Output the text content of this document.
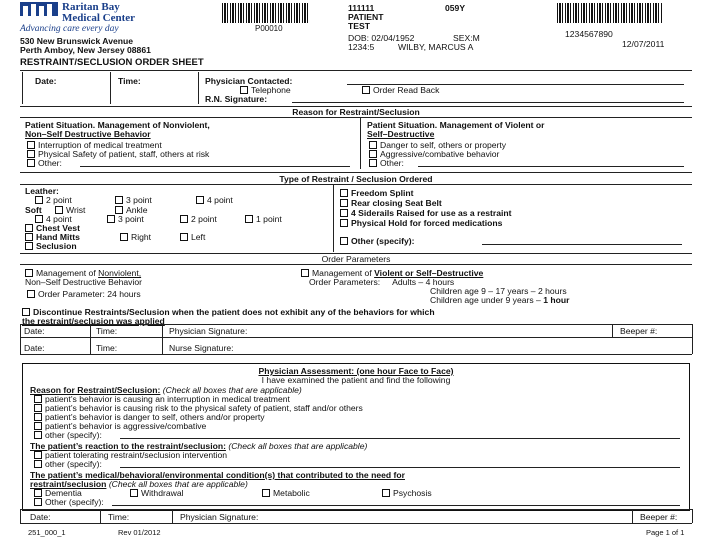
Raritan Bay
Medical Center
Advancing care every day
530 New Brunswick Avenue
Perth Amboy, New Jersey 08861
P00010
111111	059Y
PATIENT
TEST
DOB: 02/04/1952	SEX:M	1234567890
1234:5	WILBY, MARCUS A	12/07/2011
RESTRAINT/SECLUSION ORDER SHEET
Date:	Time:	Physician Contacted:
Telephone	Order Read Back
R.N. Signature:
Reason for Restraint/Seclusion
Patient Situation. Management of Nonviolent,
Non–Self Destructive Behavior
Interruption of medical treatment
Physical Safety of patient, staff, others at risk
Other:
Patient Situation. Management of Violent or
Self–Destructive
Danger to self, others or property
Aggressive/combative behavior
Other:
Type of Restraint / Seclusion Ordered
Leather:
2 point	3 point	4 point
Soft	Wrist	Ankle
4 point	3 point	2 point	1 point
Chest Vest
Hand Mitts	Right	Left
Seclusion
Freedom Splint
Rear closing Seat Belt
4 Siderails Raised for use as a restraint
Physical Hold for forced medications
Other (specify):
Order Parameters
Management of Nonviolent,
Non–Self Destructive Behavior
Order Parameter: 24 hours
Management of Violent or Self–Destructive
Order Parameters: Adults – 4 hours
Children age 9 – 17 years – 2 hours
Children age under 9 years – 1 hour
Discontinue Restraints/Seclusion when the patient does not exhibit any of the behaviors for which
the restraint/seclusion was applied
Date:	Time:	Physician Signature:	Beeper #:
Date:	Time:	Nurse Signature:
Physician Assessment: (one hour Face to Face)
I have examined the patient and find the following
Reason for Restraint/Seclusion: (Check all boxes that are applicable)
patient’s behavior is causing an interruption in medical treatment
patient’s behavior is causing risk to the physical safety of patient, staff and/or others
patient’s behavior is danger to self, others and/or property
patient’s behavior is aggressive/combative
other (specify):
The patient’s reaction to the restraint/seclusion: (Check all boxes that are applicable)
patient tolerating restraint/seclusion intervention
other (specify):
The patient’s medical/behavioral/environmental condition(s) that contributed to the need for
restraint/seclusion (Check all boxes that are applicable)
Dementia	Withdrawal	Metabolic	Psychosis
Other (specify):
Date:	Time:	Physician Signature:	Beeper #:
251_000_1	Rev 01/2012	Page 1 of 1
